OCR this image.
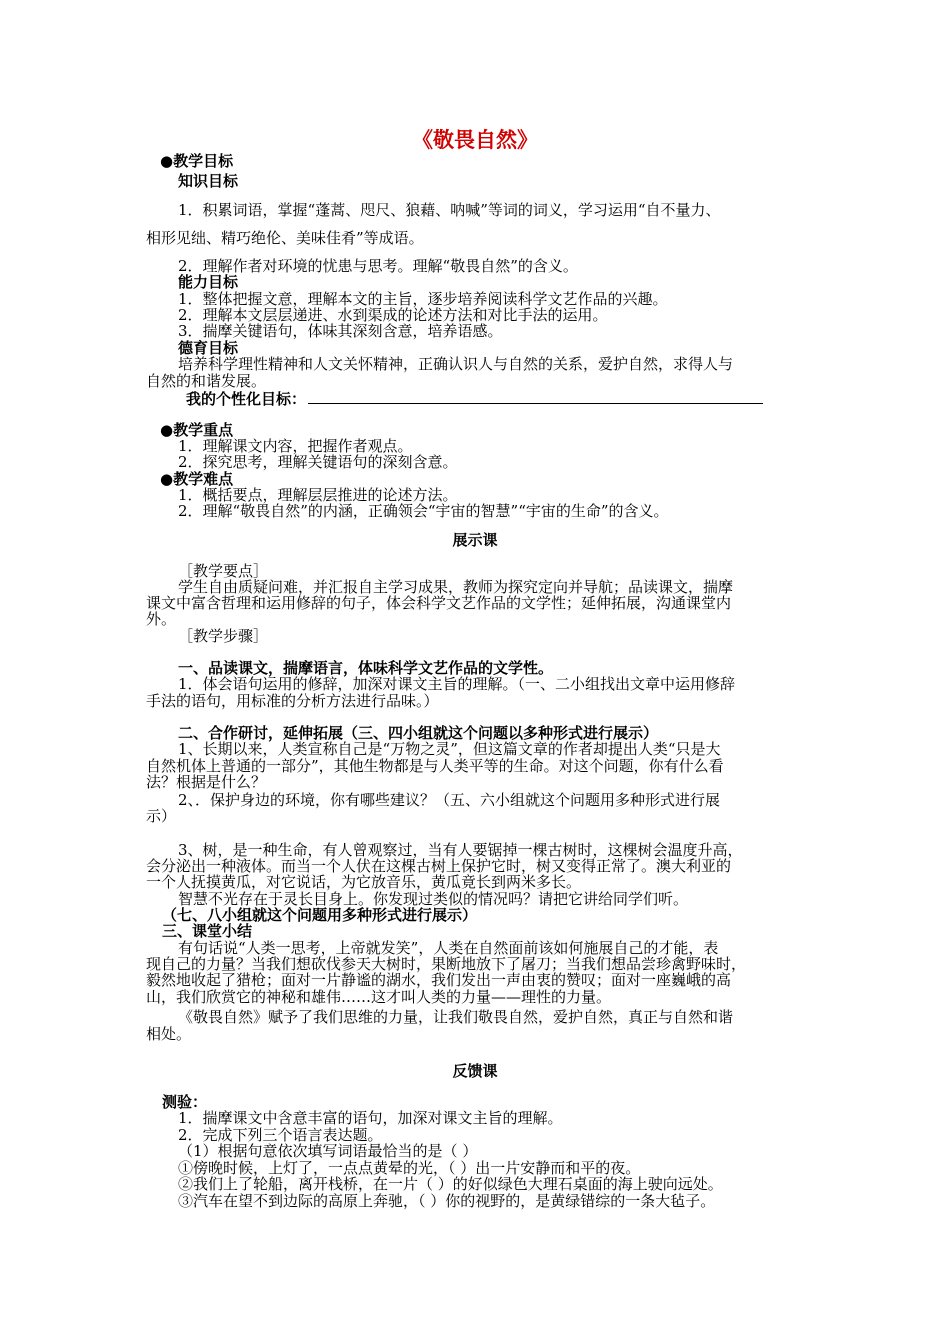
《敬畏自然》
●教学目标
知识目标
1．积累词语，掌握“蓬蒿、咫尺、狼藉、呐喊”等词的词义，学习运用“自不量力、
相形见绌、精巧绝伦、美味佳肴”等成语。
2．理解作者对环境的忧患与思考。理解“敬畏自然”的含义。
能力目标
1．整体把握文意，理解本文的主旨，逐步培养阅读科学文艺作品的兴趣。
2．理解本文层层递进、水到渠成的论述方法和对比手法的运用。
3．揣摩关键语句，体味其深刻含意，培养语感。
德育目标
培养科学理性精神和人文关怀精神，正确认识人与自然的关系，爱护自然，求得人与
自然的和谐发展。
●教学重点
1．理解课文内容，把握作者观点。
2．探究思考，理解关键语句的深刻含意。
●教学难点
1．概括要点，理解层层推进的论述方法。
2．理解“敬畏自然”的内涵，正确领会“宇宙的智慧”“宇宙的生命”的含义。
［教学要点］
学生自由质疑问难，并汇报自主学习成果，教师为探究定向并导航；品读课文，揣摩
课文中富含哲理和运用修辞的句子，体会科学文艺作品的文学性；延伸拓展，沟通课堂内
外。
［教学步骤］
一、品读课文，揣摩语言，体味科学文艺作品的文学性。
1．体会语句运用的修辞，加深对课文主旨的理解。（一、二小组找出文章中运用修辞
手法的语句，用标准的分析方法进行品味。）
二、合作研讨，延伸拓展（三、四小组就这个问题以多种形式进行展示）
1、长期以来，人类宣称自己是“万物之灵”，但这篇文章的作者却提出人类“只是大
自然机体上普通的一部分”，其他生物都是与人类平等的生命。对这个问题，你有什么看
法？根据是什么？
2、．保护身边的环境，你有哪些建议？（五、六小组就这个问题用多种形式进行展
示）
3、树，是一种生命，有人曾观察过，当有人要锯掉一棵古树时，这棵树会温度升高，
会分泌出一种液体。而当一个人伏在这棵古树上保护它时，树又变得正常了。澳大利亚的
一个人抚摸黄瓜，对它说话，为它放音乐，黄瓜竟长到两米多长。
智慧不光存在于灵长目身上。你发现过类似的情况吗？请把它讲给同学们听。
（七、八小组就这个问题用多种形式进行展示）
三、课堂小结
有句话说“人类一思考，上帝就发笑”，人类在自然面前该如何施展自己的才能，表
现自己的力量？当我们想砍伐参天大树时，果断地放下了屠刀；当我们想品尝珍禽野味时，
毅然地收起了猎枪；面对一片静谧的湖水，我们发出一声由衷的赞叹；面对一座巍峨的高
山，我们欣赏它的神秘和雄伟……这才叫人类的力量——理性的力量。
《敬畏自然》赋予了我们思维的力量，让我们敬畏自然，爱护自然，真正与自然和谐
相处。
测验：
1．揣摩课文中含意丰富的语句，加深对课文主旨的理解。
2．完成下列三个语言表达题。
（1）根据句意依次填写词语最恰当的是（ ）
①傍晚时候，上灯了，一点点黄晕的光，（ ）出一片安静而和平的夜。
②我们上了轮船，离开栈桥，在一片（ ）的好似绿色大理石桌面的海上驶向远处。
③汽车在望不到边际的高原上奔驰，（ ）你的视野的，是黄绿错综的一条大毡子。
我的个性化目标：
展示课
反馈课
